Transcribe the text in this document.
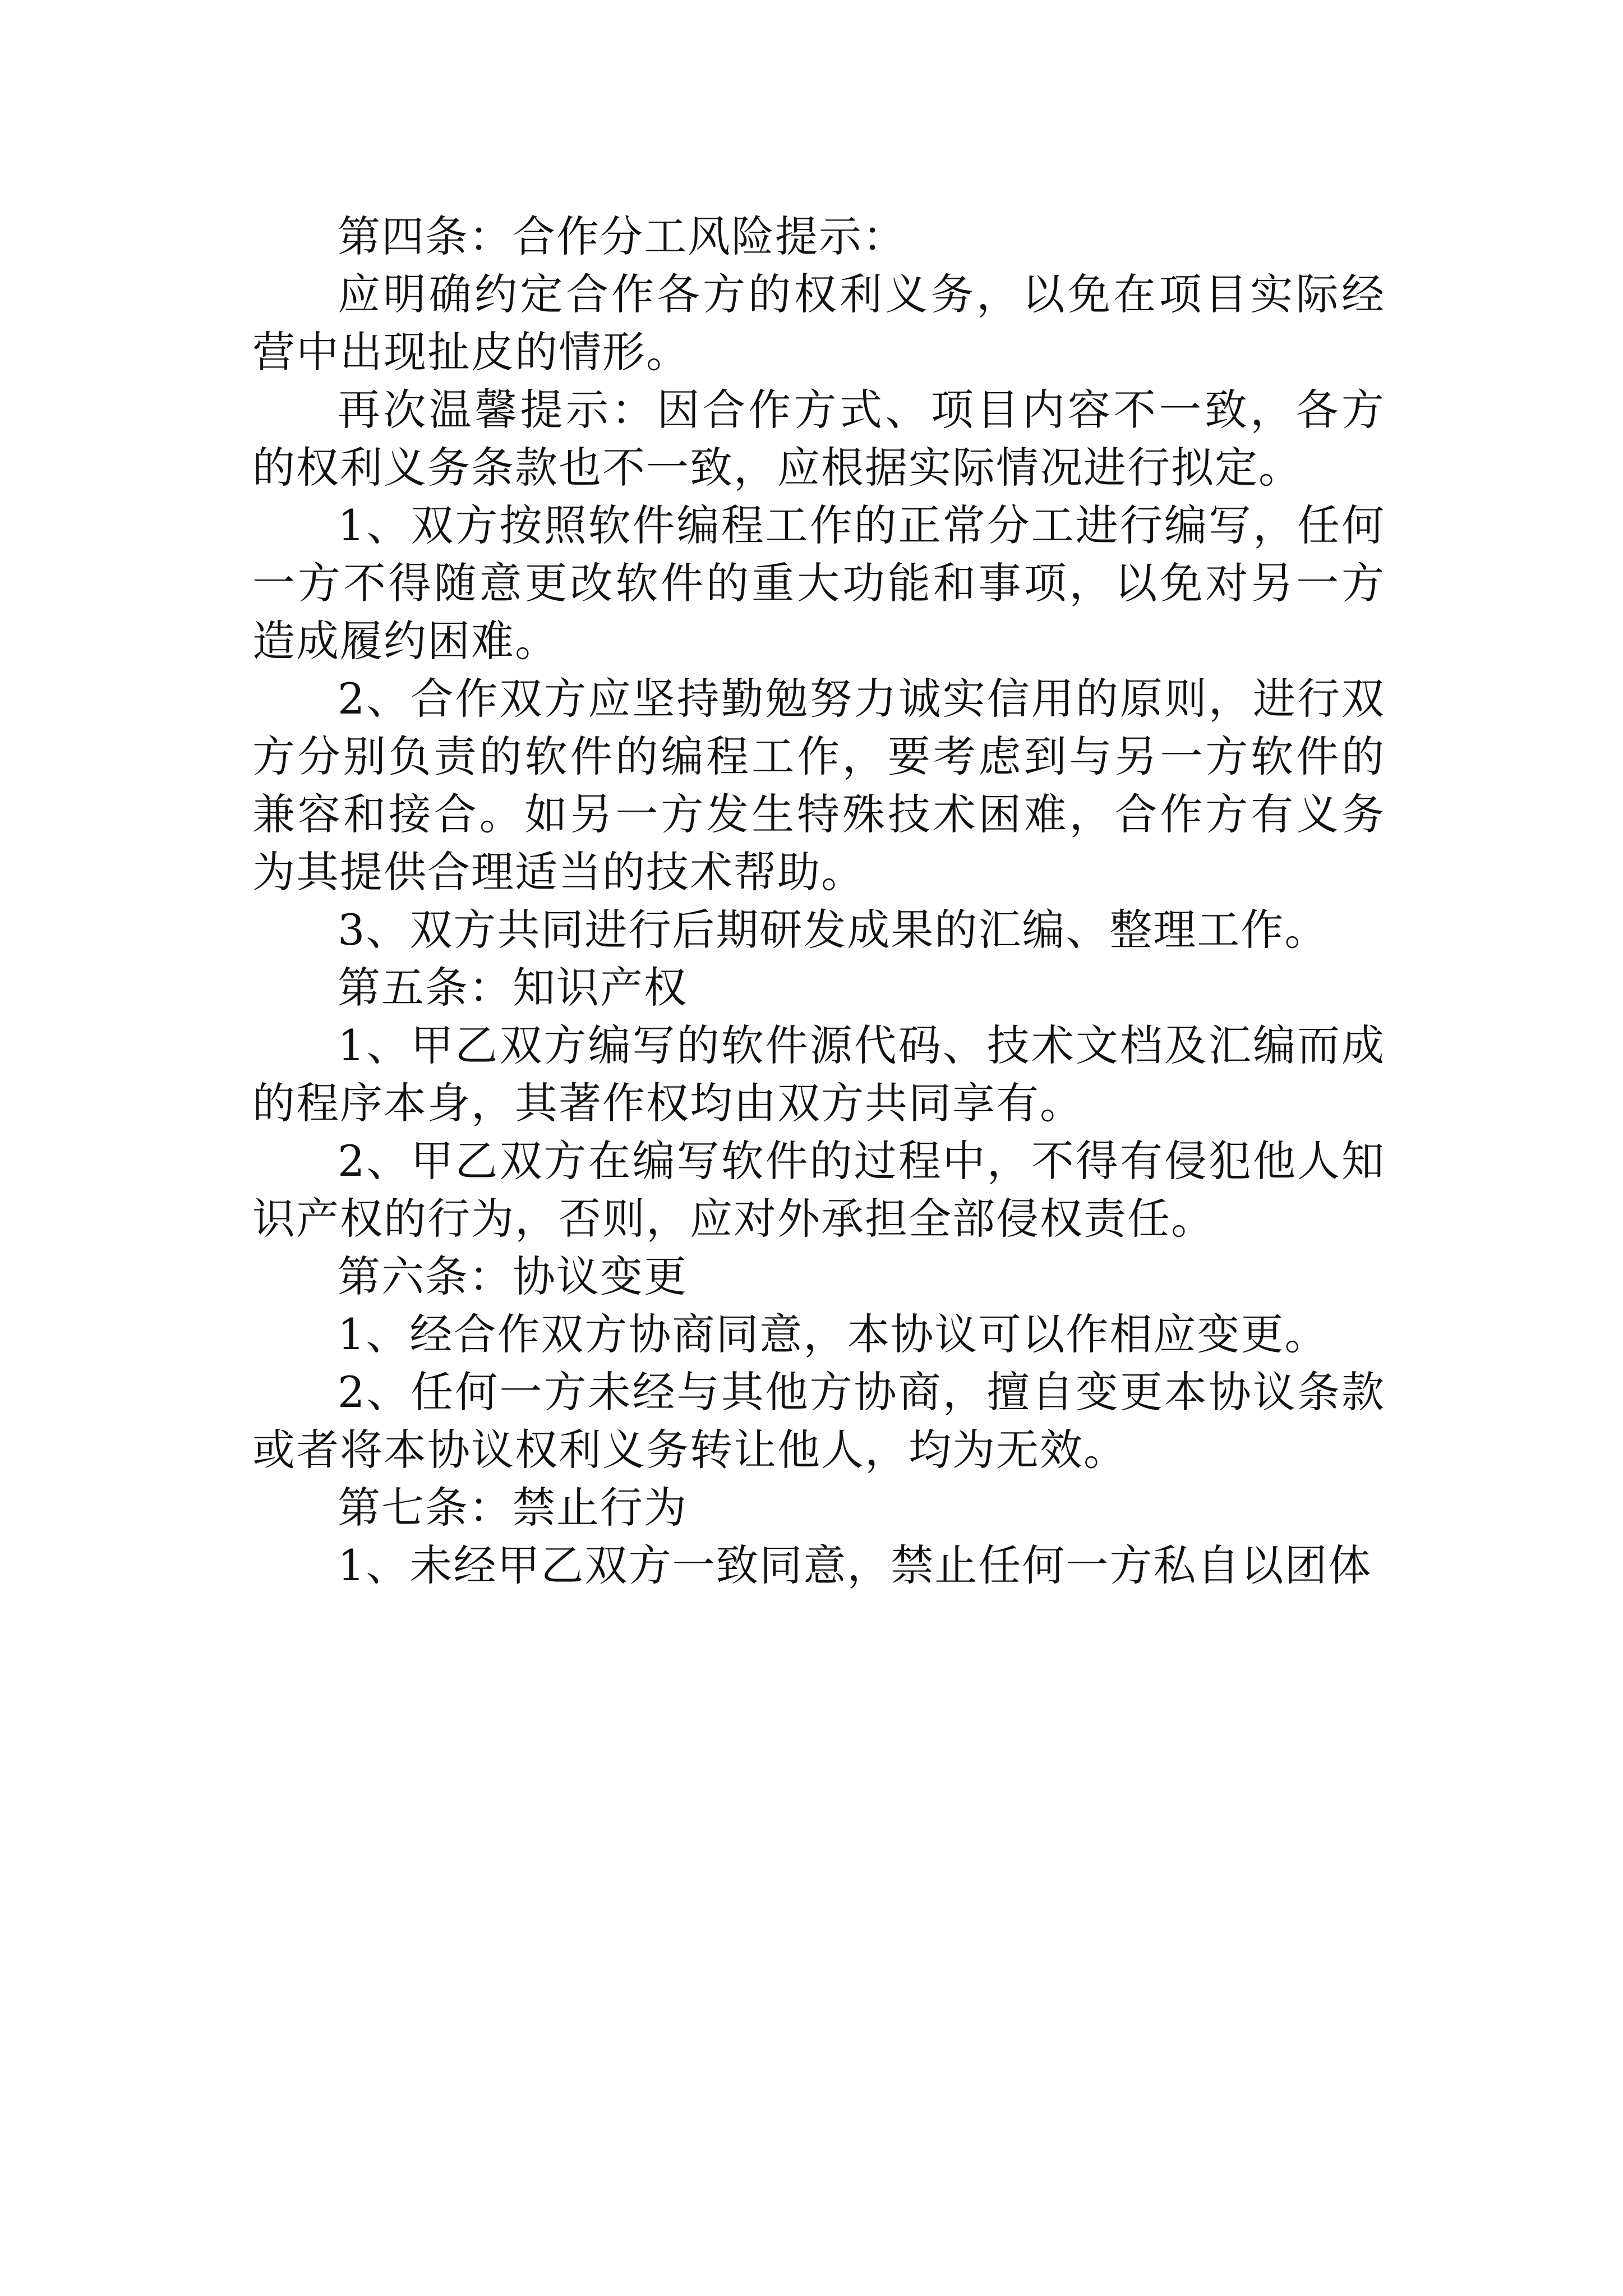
第四条：合作分工风险提示：

应明确约定合作各方的权利义务，以免在项目实际经营中出现扯皮的情形。

再次温馨提示：因合作方式、项目内容不一致，各方的权利义务条款也不一致，应根据实际情况进行拟定。

1、双方按照软件编程工作的正常分工进行编写，任何一方不得随意更改软件的重大功能和事项，以免对另一方造成履约困难。

2、合作双方应坚持勤勉努力诚实信用的原则，进行双方分别负责的软件的编程工作，要考虑到与另一方软件的兼容和接合。如另一方发生特殊技术困难，合作方有义务为其提供合理适当的技术帮助。

3、双方共同进行后期研发成果的汇编、整理工作。

第五条：知识产权

1、甲乙双方编写的软件源代码、技术文档及汇编而成的程序本身，其著作权均由双方共同享有。

2、甲乙双方在编写软件的过程中，不得有侵犯他人知识产权的行为，否则，应对外承担全部侵权责任。

第六条：协议变更

1、经合作双方协商同意，本协议可以作相应变更。

2、任何一方未经与其他方协商，擅自变更本协议条款或者将本协议权利义务转让他人，均为无效。

第七条：禁止行为

1、未经甲乙双方一致同意，禁止任何一方私自以团体
